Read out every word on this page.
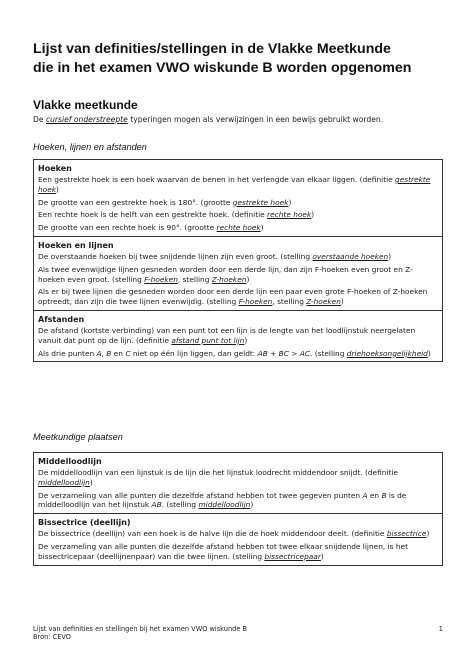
Lijst van definities/stellingen in de Vlakke Meetkunde
die in het examen VWO wiskunde B worden opgenomen
Vlakke meetkunde
De cursief onderstreepte typeringen mogen als verwijzingen in een bewijs gebruikt worden.
Hoeken, lijnen en afstanden
Hoeken
Een gestrekte hoek is een hoek waarvan de benen in het verlengde van elkaar liggen. (definitie gestrekte hoek)
De grootte van een gestrekte hoek is 180°. (grootte gestrekte hoek)
Een rechte hoek is de helft van een gestrekte hoek. (definitie rechte hoek)
De grootte van een rechte hoek is 90°. (grootte rechte hoek)
Hoeken en lijnen
De overstaande hoeken bij twee snijdende lijnen zijn even groot. (stelling overstaande hoeken)
Als twee evenwijdige lijnen gesneden worden door een derde lijn, dan zijn F-hoeken even groot en Z-hoeken even groot. (stelling F-hoeken, stelling Z-hoeken)
Als er bij twee lijnen die gesneden worden door een derde lijn een paar even grote F-hoeken of Z-hoeken optreedt, dan zijn die twee lijnen evenwijdig. (stelling F-hoeken, stelling Z-hoeken)
Afstanden
De afstand (kortste verbinding) van een punt tot een lijn is de lengte van het loodlijnstuk neergelaten vanuit dat punt op de lijn. (definitie afstand punt tot lijn)
Als drie punten A, B en C niet op één lijn liggen, dan geldt: AB + BC > AC. (stelling driehoeksongelijkheid)
Meetkundige plaatsen
Middelloodlijn
De middelloodlijn van een lijnstuk is de lijn die het lijnstuk loodrecht middendoor snijdt. (definitie middelloodlijn)
De verzameling van alle punten die dezelfde afstand hebben tot twee gegeven punten A en B is de middelloodlijn van het lijnstuk AB. (stelling middelloodlijn)
Bissectrice (deellijn)
De bissectrice (deellijn) van een hoek is de halve lijn die de hoek middendoor deelt. (definitie bissectrice)
De verzameling van alle punten die dezelfde afstand hebben tot twee elkaar snijdende lijnen, is het bissectricepaar (deellijnenpaar) van die twee lijnen. (stelling bissectricepaar)
Lijst van definities en stellingen bij het examen VWO wiskunde B
Bron: CEVO
1
